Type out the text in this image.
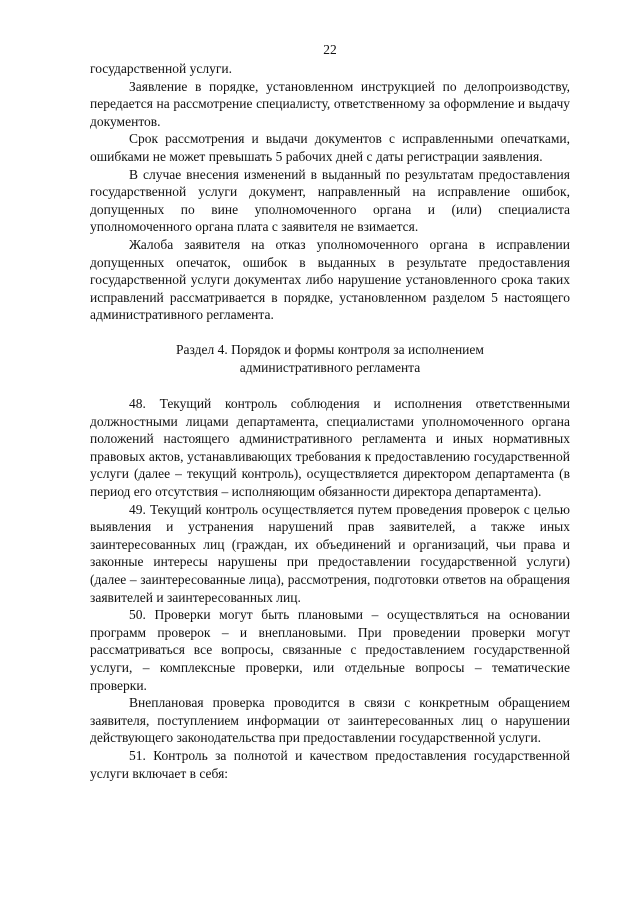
22

государственной услуги.

Заявление в порядке, установленном инструкцией по делопроизводству, передается на рассмотрение специалисту, ответственному за оформление и выдачу документов.

Срок рассмотрения и выдачи документов с исправленными опечатками, ошибками не может превышать 5 рабочих дней с даты регистрации заявления.

В случае внесения изменений в выданный по результатам предоставления государственной услуги документ, направленный на исправление ошибок, допущенных по вине уполномоченного органа и (или) специалиста уполномоченного органа плата с заявителя не взимается.

Жалоба заявителя на отказ уполномоченного органа в исправлении допущенных опечаток, ошибок в выданных в результате предоставления государственной услуги документах либо нарушение установленного срока таких исправлений рассматривается в порядке, установленном разделом 5 настоящего административного регламента.

Раздел 4. Порядок и формы контроля за исполнением
административного регламента

48. Текущий контроль соблюдения и исполнения ответственными должностными лицами департамента, специалистами уполномоченного органа положений настоящего административного регламента и иных нормативных правовых актов, устанавливающих требования к предоставлению государственной услуги (далее – текущий контроль), осуществляется директором департамента (в период его отсутствия – исполняющим обязанности директора департамента).

49. Текущий контроль осуществляется путем проведения проверок с целью выявления и устранения нарушений прав заявителей, а также иных заинтересованных лиц (граждан, их объединений и организаций, чьи права и законные интересы нарушены при предоставлении государственной услуги) (далее – заинтересованные лица), рассмотрения, подготовки ответов на обращения заявителей и заинтересованных лиц.

50. Проверки могут быть плановыми – осуществляться на основании программ проверок – и внеплановыми. При проведении проверки могут рассматриваться все вопросы, связанные с предоставлением государственной услуги, – комплексные проверки, или отдельные вопросы – тематические проверки.

Внеплановая проверка проводится в связи с конкретным обращением заявителя, поступлением информации от заинтересованных лиц о нарушении действующего законодательства при предоставлении государственной услуги.

51. Контроль за полнотой и качеством предоставления государственной услуги включает в себя:
